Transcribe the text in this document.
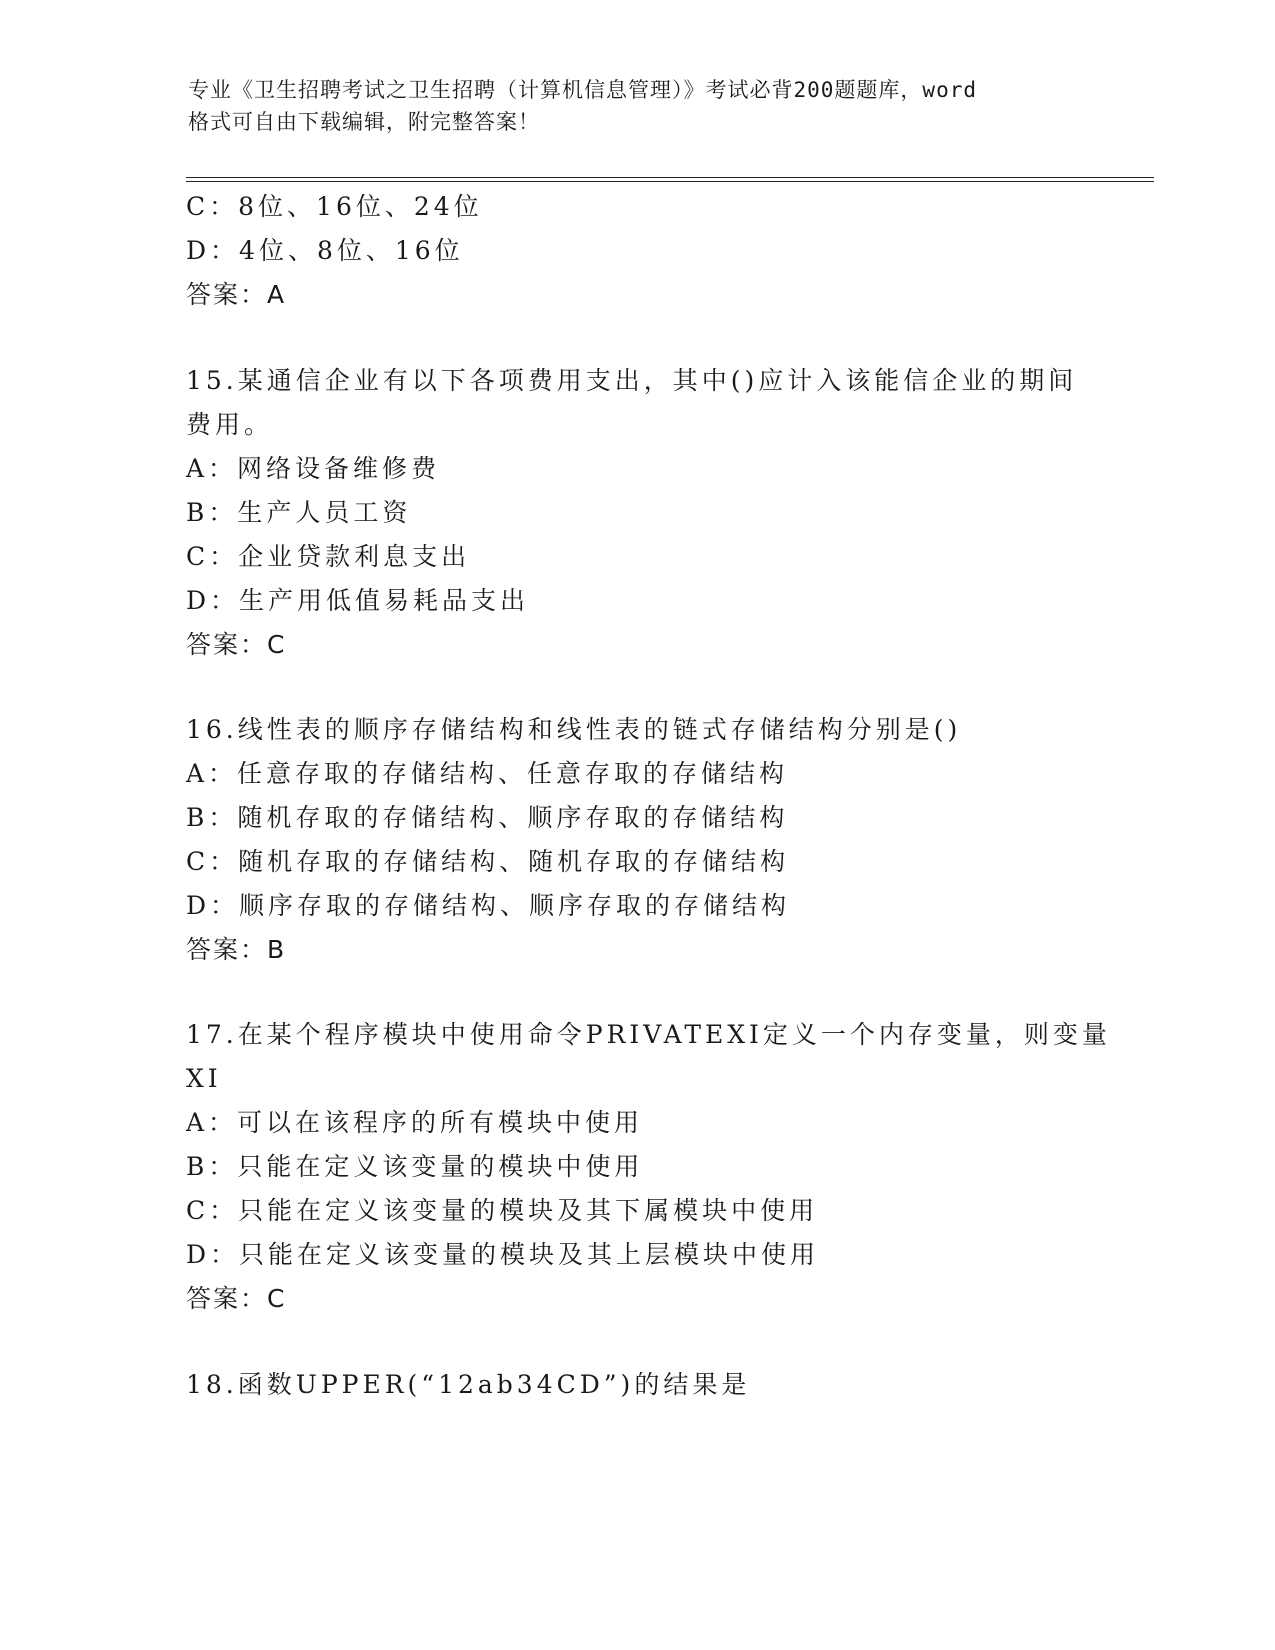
专业《卫生招聘考试之卫生招聘（计算机信息管理）》考试必背200题题库，word
格式可自由下载编辑，附完整答案！
C：8位、16位、24位
D：4位、8位、16位
答案：A
15.某通信企业有以下各项费用支出，其中()应计入该能信企业的期间
费用。
A：网络设备维修费
B：生产人员工资
C：企业贷款利息支出
D：生产用低值易耗品支出
答案：C
16.线性表的顺序存储结构和线性表的链式存储结构分别是()
A：任意存取的存储结构、任意存取的存储结构
B：随机存取的存储结构、顺序存取的存储结构
C：随机存取的存储结构、随机存取的存储结构
D：顺序存取的存储结构、顺序存取的存储结构
答案：B
17.在某个程序模块中使用命令PRIVATEXI定义一个内存变量，则变量
XI
A：可以在该程序的所有模块中使用
B：只能在定义该变量的模块中使用
C：只能在定义该变量的模块及其下属模块中使用
D：只能在定义该变量的模块及其上层模块中使用
答案：C
18.函数UPPER(“12ab34CD”)的结果是
